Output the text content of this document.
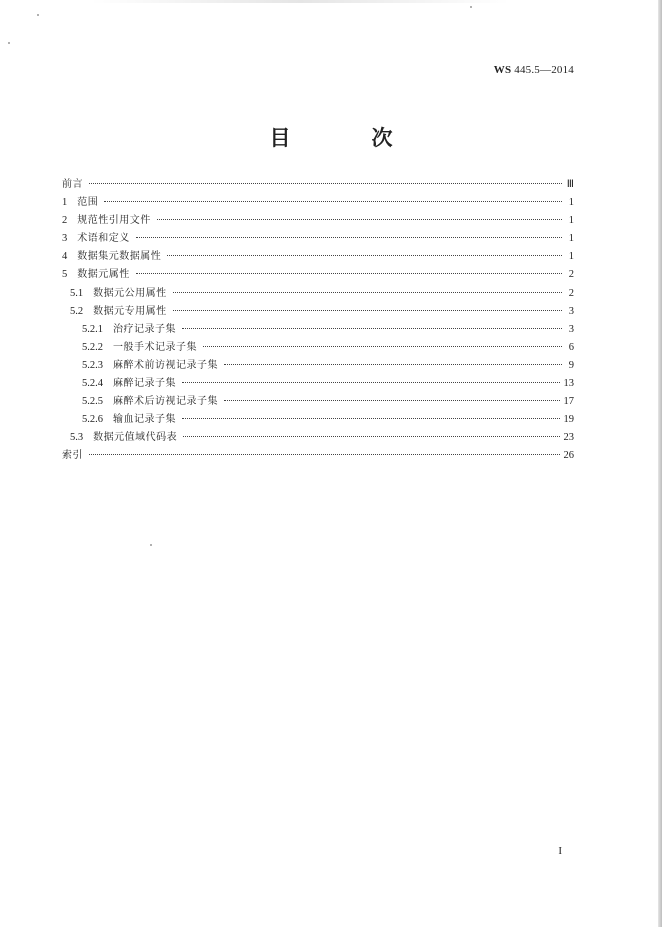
WS 445.5—2014
目　次
前言	Ⅲ
1 范围	1
2 规范性引用文件	1
3 术语和定义	1
4 数据集元数据属性	1
5 数据元属性	2
5.1 数据元公用属性	2
5.2 数据元专用属性	3
5.2.1 治疗记录子集	3
5.2.2 一般手术记录子集	6
5.2.3 麻醉术前访视记录子集	9
5.2.4 麻醉记录子集	13
5.2.5 麻醉术后访视记录子集	17
5.2.6 输血记录子集	19
5.3 数据元值域代码表	23
索引	26
I
